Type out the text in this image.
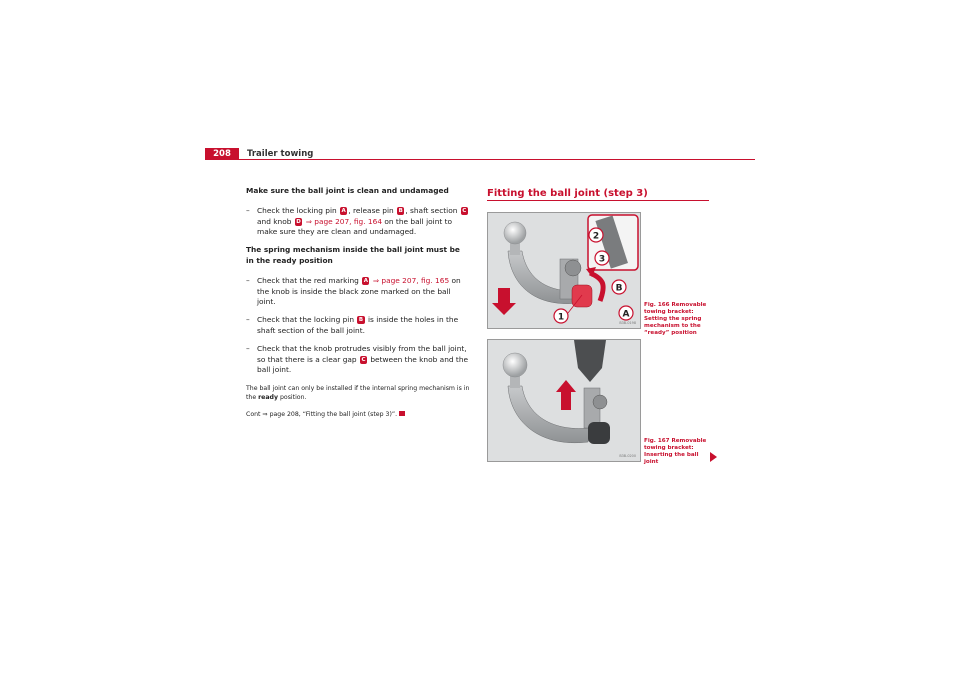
208	Trailer towing
Make sure the ball joint is clean and undamaged
– Check the locking pin A , release pin B , shaft section C and knob D ⇒ page 207, fig. 164 on the ball joint to make sure they are clean and undamaged.
The spring mechanism inside the ball joint must be in the ready position
– Check that the red marking A ⇒ page 207, fig. 165 on the knob is inside the black zone marked on the ball joint.
– Check that the locking pin B is inside the holes in the shaft section of the ball joint.
– Check that the knob protrudes visibly from the ball joint, so that there is a clear gap C between the knob and the ball joint.
The ball joint can only be installed if the internal spring mechanism is in the ready position.
Cont ⇒ page 208, “Fitting the ball joint (step 3)”.
Fitting the ball joint (step 3)
2
3
B
1	A
B3B-0198
Fig. 166 Removable towing bracket: Setting the spring mechanism to the “ready” position
B3B-0200
Fig. 167 Removable towing bracket: Inserting the ball joint
